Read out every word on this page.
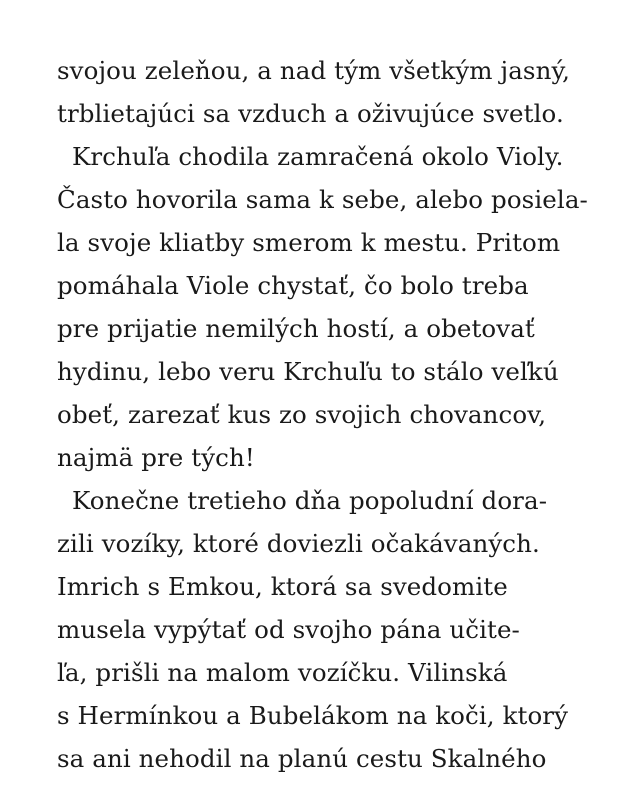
svojou zeleňou, a nad tým všetkým jasný,
trblietajúci sa vzduch a oživujúce svetlo.
Krchuľa chodila zamračená okolo Violy.
Často hovorila sama k sebe, alebo posiela-
la svoje kliatby smerom k mestu. Pritom
pomáhala Viole chystať, čo bolo treba
pre prijatie nemilých hostí, a obetovať
hydinu, lebo veru Krchuľu to stálo veľkú
obeť, zarezať kus zo svojich chovancov,
najmä pre tých!
Konečne tretieho dňa popoludní dora-
zili vozíky, ktoré doviezli očakávaných.
Imrich s Emkou, ktorá sa svedomite
musela vypýtať od svojho pána učite-
ľa, prišli na malom vozíčku. Vilinská
s Hermínkou a Bubelákom na koči, ktorý
sa ani nehodil na planú cestu Skalného
